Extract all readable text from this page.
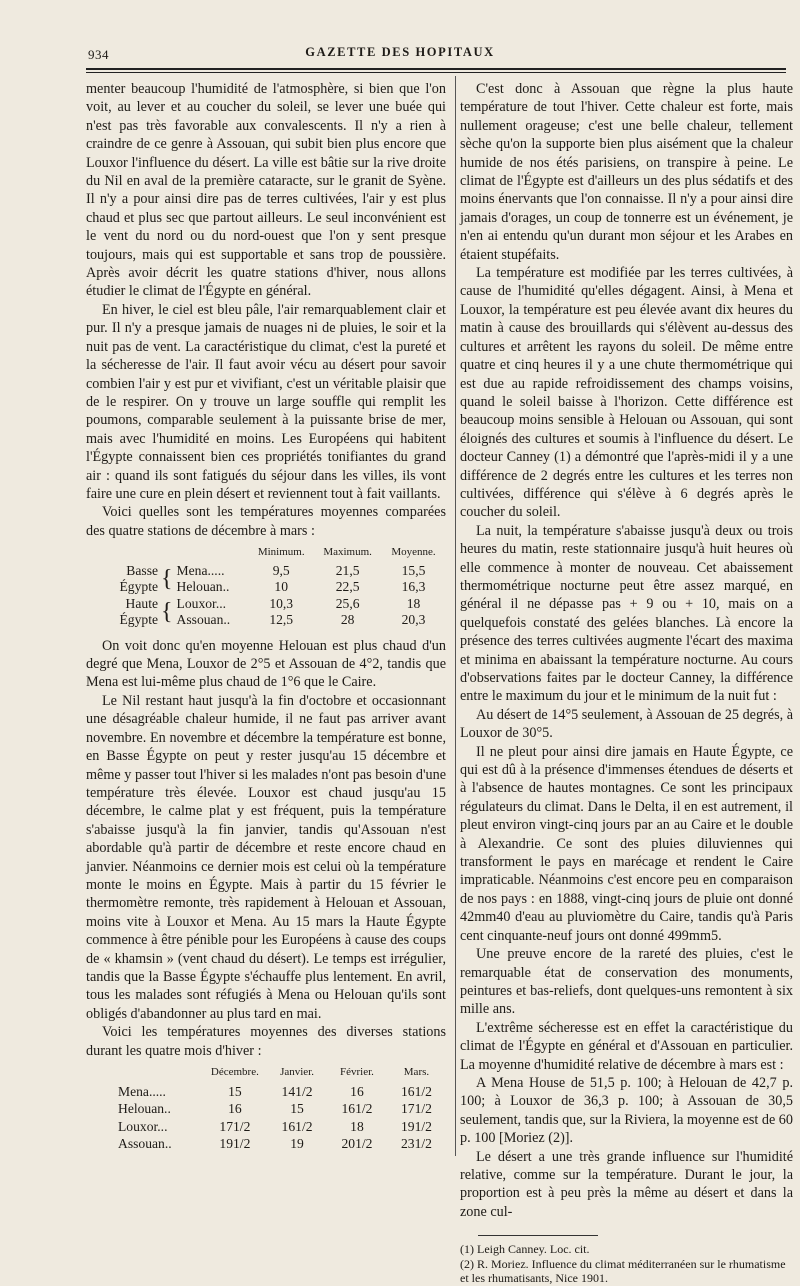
934	GAZETTE DES HOPITAUX

menter beaucoup l'humidité de l'atmosphère, si bien que l'on voit, au lever et au coucher du soleil, se lever une buée qui n'est pas très favorable aux convalescents. Il n'y a rien à craindre de ce genre à Assouan, qui subit bien plus encore que Louxor l'influence du désert. La ville est bâtie sur la rive droite du Nil en aval de la première cataracte, sur le granit de Syène. Il n'y a pour ainsi dire pas de terres cultivées, l'air y est plus chaud et plus sec que partout ailleurs. Le seul inconvénient est le vent du nord ou du nord-ouest que l'on y sent presque toujours, mais qui est supportable et sans trop de poussière. Après avoir décrit les quatre stations d'hiver, nous allons étudier le climat de l'Égypte en général.

En hiver, le ciel est bleu pâle, l'air remarquablement clair et pur. Il n'y a presque jamais de nuages ni de pluies, le soir et la nuit pas de vent. La caractéristique du climat, c'est la pureté et la sécheresse de l'air. Il faut avoir vécu au désert pour savoir combien l'air y est pur et vivifiant, c'est un véritable plaisir que de le respirer. On y trouve un large souffle qui remplit les poumons, comparable seulement à la puissante brise de mer, mais avec l'humidité en moins. Les Européens qui habitent l'Égypte connaissent bien ces propriétés tonifiantes du grand air : quand ils sont fatigués du séjour dans les villes, ils vont faire une cure en plein désert et reviennent tout à fait vaillants.

Voici quelles sont les températures moyennes comparées des quatre stations de décembre à mars :

			Minimum.	Maximum.	Moyenne.
Basse Égypte	{	Mena.....	9,5	21,5	15,5
		Helouan..	10	22,5	16,3
Haute Égypte	{	Louxor...	10,3	25,6	18
		Assouan..	12,5	28	20,3

On voit donc qu'en moyenne Helouan est plus chaud d'un degré que Mena, Louxor de 2°5 et Assouan de 4°2, tandis que Mena est lui-même plus chaud de 1°6 que le Caire.

Le Nil restant haut jusqu'à la fin d'octobre et occasionnant une désagréable chaleur humide, il ne faut pas arriver avant novembre. En novembre et décembre la température est bonne, en Basse Égypte on peut y rester jusqu'au 15 décembre et même y passer tout l'hiver si les malades n'ont pas besoin d'une température très élevée. Louxor est chaud jusqu'au 15 décembre, le calme plat y est fréquent, puis la température s'abaisse jusqu'à la fin janvier, tandis qu'Assouan n'est abordable qu'à partir de décembre et reste encore chaud en janvier. Néanmoins ce dernier mois est celui où la température monte le moins en Égypte. Mais à partir du 15 février le thermomètre remonte, très rapidement à Helouan et Assouan, moins vite à Louxor et Mena. Au 15 mars la Haute Égypte commence à être pénible pour les Européens à cause des coups de « khamsin » (vent chaud du désert). Le temps est irrégulier, tandis que la Basse Égypte s'échauffe plus lentement. En avril, tous les malades sont réfugiés à Mena ou Helouan qu'ils sont obligés d'abandonner au plus tard en mai.

Voici les températures moyennes des diverses stations durant les quatre mois d'hiver :

	Décembre.	Janvier.	Février.	Mars.
Mena.....	15	141/2	16	161/2
Helouan..	16	15	161/2	171/2
Louxor...	171/2	161/2	18	191/2
Assouan..	191/2	19	201/2	231/2

C'est donc à Assouan que règne la plus haute température de tout l'hiver. Cette chaleur est forte, mais nullement orageuse; c'est une belle chaleur, tellement sèche qu'on la supporte bien plus aisément que la chaleur humide de nos étés parisiens, on transpire à peine. Le climat de l'Égypte est d'ailleurs un des plus sédatifs et des moins énervants que l'on connaisse. Il n'y a pour ainsi dire jamais d'orages, un coup de tonnerre est un événement, je n'en ai entendu qu'un durant mon séjour et les Arabes en étaient stupéfaits.

La température est modifiée par les terres cultivées, à cause de l'humidité qu'elles dégagent. Ainsi, à Mena et Louxor, la température est peu élevée avant dix heures du matin à cause des brouillards qui s'élèvent au-dessus des cultures et arrêtent les rayons du soleil. De même entre quatre et cinq heures il y a une chute thermométrique qui est due au rapide refroidissement des champs voisins, quand le soleil baisse à l'horizon. Cette différence est beaucoup moins sensible à Helouan ou Assouan, qui sont éloignés des cultures et soumis à l'influence du désert. Le docteur Canney (1) a démontré que l'après-midi il y a une différence de 2 degrés entre les cultures et les terres non cultivées, différence qui s'élève à 6 degrés après le coucher du soleil.

La nuit, la température s'abaisse jusqu'à deux ou trois heures du matin, reste stationnaire jusqu'à huit heures où elle commence à monter de nouveau. Cet abaissement thermométrique nocturne peut être assez marqué, en général il ne dépasse pas + 9 ou + 10, mais on a quelquefois constaté des gelées blanches. Là encore la présence des terres cultivées augmente l'écart des maxima et minima en abaissant la température nocturne. Au cours d'observations faites par le docteur Canney, la différence entre le maximum du jour et le minimum de la nuit fut :

Au désert de 14°5 seulement, à Assouan de 25 degrés, à Louxor de 30°5.

Il ne pleut pour ainsi dire jamais en Haute Égypte, ce qui est dû à la présence d'immenses étendues de déserts et à l'absence de hautes montagnes. Ce sont les principaux régulateurs du climat. Dans le Delta, il en est autrement, il pleut environ vingt-cinq jours par an au Caire et le double à Alexandrie. Ce sont des pluies diluviennes qui transforment le pays en marécage et rendent le Caire impraticable. Néanmoins c'est encore peu en comparaison de nos pays : en 1888, vingt-cinq jours de pluie ont donné 42mm40 d'eau au pluviomètre du Caire, tandis qu'à Paris cent cinquante-neuf jours ont donné 499mm5.

Une preuve encore de la rareté des pluies, c'est le remarquable état de conservation des monuments, peintures et bas-reliefs, dont quelques-uns remontent à six mille ans.

L'extrême sécheresse est en effet la caractéristique du climat de l'Égypte en général et d'Assouan en particulier. La moyenne d'humidité relative de décembre à mars est :

A Mena House de 51,5 p. 100; à Helouan de 42,7 p. 100; à Louxor de 36,3 p. 100; à Assouan de 30,5 seulement, tandis que, sur la Riviera, la moyenne est de 60 p. 100 [Moriez (2)].

Le désert a une très grande influence sur l'humidité relative, comme sur la température. Durant le jour, la proportion est à peu près la même au désert et dans la zone cul-

(1) Leigh Canney. Loc. cit.
(2) R. Moriez. Influence du climat méditerranéen sur le rhumatisme et les rhumatisants, Nice 1901.
